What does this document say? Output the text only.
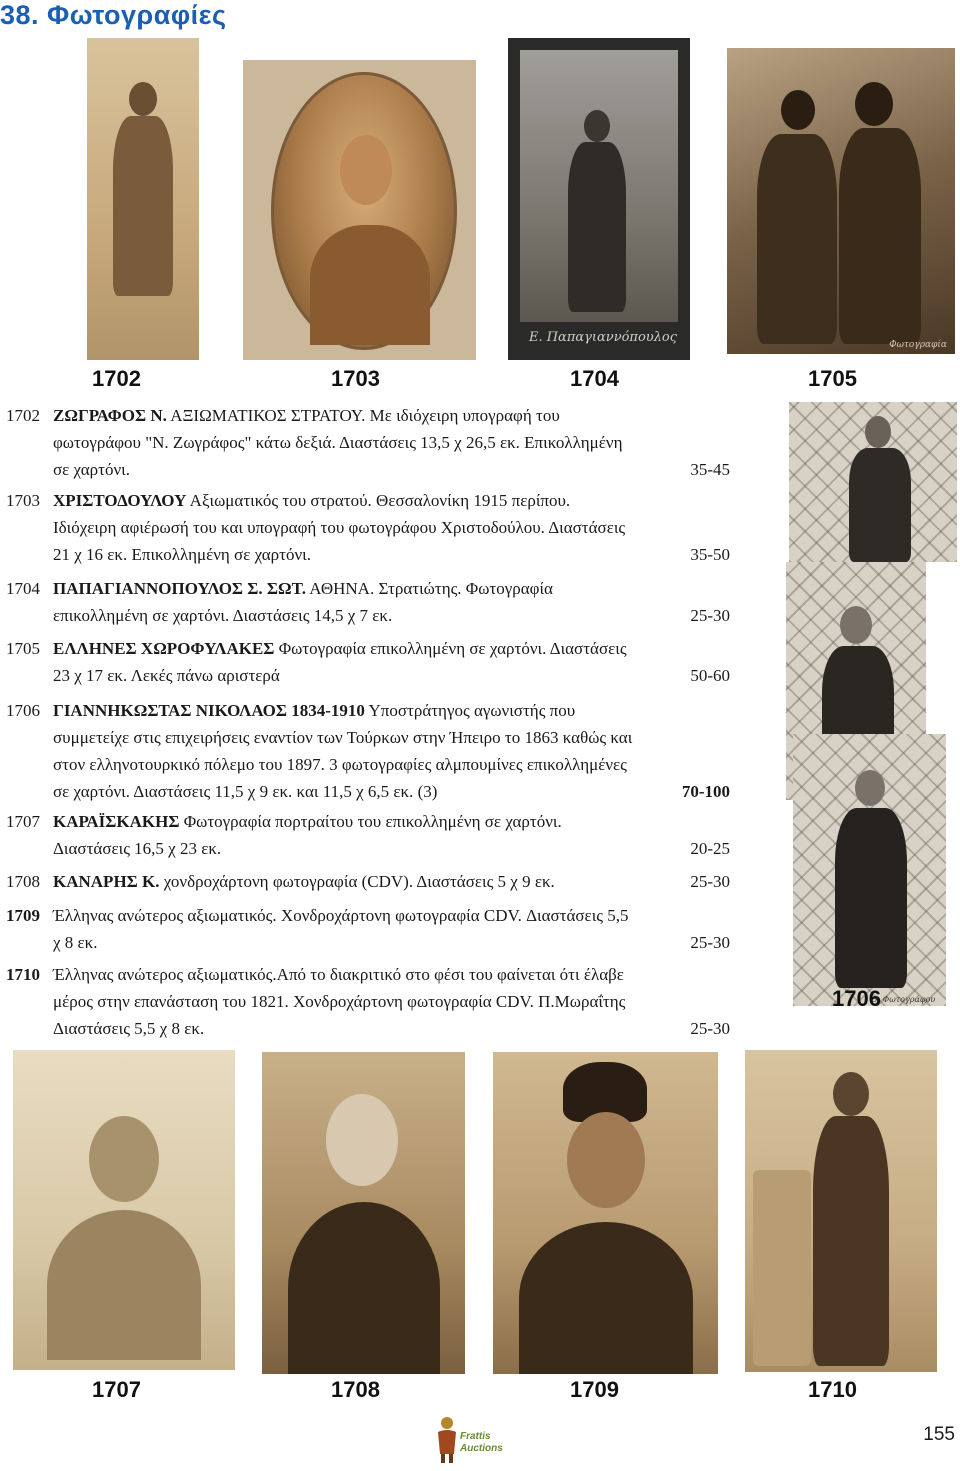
38. Φωτογραφίες
Ε. Παπαγιαννόπουλος	Φωτογραφία
1702	1703	1704	1705
Θ. Φωτογράφου
1706
1702 ΖΩΓΡΑΦΟΣ Ν. ΑΞΙΩΜΑΤΙΚΟΣ ΣΤΡΑΤΟΥ. Με ιδιόχειρη υπογραφή του
φωτογράφου "Ν. Ζωγράφος" κάτω δεξιά. Διαστάσεις 13,5 χ 26,5 εκ. Επικολλημένη
σε χαρτόνι.	35-45
1703 ΧΡΙΣΤΟΔΟΥΛΟΥ Αξιωματικός του στρατού. Θεσσαλονίκη 1915 περίπου.
Ιδιόχειρη αφιέρωσή του και υπογραφή του φωτογράφου Χριστοδούλου. Διαστάσεις
21 χ 16 εκ. Επικολλημένη σε χαρτόνι.	35-50
1704 ΠΑΠΑΓΙΑΝΝΟΠΟΥΛΟΣ Σ. ΣΩΤ. ΑΘΗΝΑ. Στρατιώτης. Φωτογραφία
επικολλημένη σε χαρτόνι. Διαστάσεις 14,5 χ 7 εκ.	25-30
1705 ΕΛΛΗΝΕΣ ΧΩΡΟΦΥΛΑΚΕΣ Φωτογραφία επικολλημένη σε χαρτόνι. Διαστάσεις
23 χ 17 εκ. Λεκές πάνω αριστερά	50-60
1706 ΓΙΑΝΝΗΚΩΣΤΑΣ ΝΙΚΟΛΑΟΣ 1834-1910 Υποστράτηγος αγωνιστής που
συμμετείχε στις επιχειρήσεις εναντίον των Τούρκων στην Ήπειρο το 1863 καθώς και
στον ελληνοτουρκικό πόλεμο του 1897. 3 φωτογραφίες αλμπουμίνες επικολλημένες
σε χαρτόνι. Διαστάσεις 11,5 χ 9 εκ. και 11,5 χ 6,5 εκ. (3)	70-100
1707 ΚΑΡΑΪΣΚΑΚΗΣ Φωτογραφία πορτραίτου του επικολλημένη σε χαρτόνι.
Διαστάσεις 16,5 χ 23 εκ.	20-25
1708 ΚΑΝΑΡΗΣ Κ. χονδροχάρτονη φωτογραφία (CDV). Διαστάσεις 5 χ 9 εκ.	25-30
1709 Έλληνας ανώτερος αξιωματικός. Χονδροχάρτονη φωτογραφία CDV. Διαστάσεις 5,5
χ 8 εκ.	25-30
1710 Έλληνας ανώτερος αξιωματικός.Από το διακριτικό στο φέσι του φαίνεται ότι έλαβε
μέρος στην επανάσταση του 1821. Χονδροχάρτονη φωτογραφία CDV. Π.Μωραΐτης
Διαστάσεις 5,5 χ 8 εκ.	25-30
1707	1708	1709	1710
Frattis
Auctions
155
